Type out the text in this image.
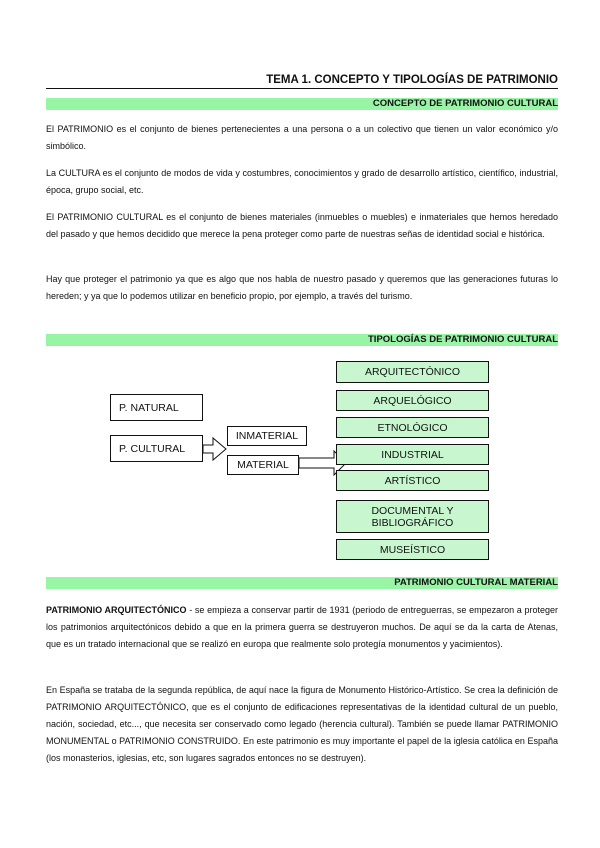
TEMA 1. CONCEPTO Y TIPOLOGÍAS DE PATRIMONIO
CONCEPTO DE PATRIMONIO CULTURAL

El PATRIMONIO es el conjunto de bienes pertenecientes a una persona o a un colectivo que tienen un valor económico y/o simbólico.

La CULTURA es el conjunto de modos de vida y costumbres, conocimientos y grado de desarrollo artístico, científico, industrial, época, grupo social, etc.

El PATRIMONIO CULTURAL es el conjunto de bienes materiales (inmuebles o muebles) e inmateriales que hemos heredado del pasado y que hemos decidido que merece la pena proteger como parte de nuestras señas de identidad social e histórica.

Hay que proteger el patrimonio ya que es algo que nos habla de nuestro pasado y queremos que las generaciones futuras lo hereden; y ya que lo podemos utilizar en beneficio propio, por ejemplo, a través del turismo.

TIPOLOGÍAS DE PATRIMONIO CULTURAL
P. NATURAL
P. CULTURAL
INMATERIAL
MATERIAL
ARQUITECTÓNICO
ARQUELÓGICO
ETNOLÓGICO
INDUSTRIAL
ARTÍSTICO
DOCUMENTAL Y BIBLIOGRÁFICO
MUSEÍSTICO
PATRIMONIO CULTURAL MATERIAL

PATRIMONIO ARQUITECTÓNICO - se empieza a conservar partir de 1931 (periodo de entreguerras, se empezaron a proteger los patrimonios arquitectónicos debido a que en la primera guerra se destruyeron muchos. De aquí se da la carta de Atenas, que es un tratado internacional que se realizó en europa que realmente solo protegía monumentos y yacimientos).

En España se trataba de la segunda república, de aquí nace la figura de Monumento Histórico-Artístico. Se crea la definición de PATRIMONIO ARQUITECTÓNICO, que es el conjunto de edificaciones representativas de la identidad cultural de un pueblo, nación, sociedad, etc..., que necesita ser conservado como legado (herencia cultural). También se puede llamar PATRIMONIO MONUMENTAL o PATRIMONIO CONSTRUIDO. En este patrimonio es muy importante el papel de la iglesia católica en España (los monasterios, iglesias, etc, son lugares sagrados entonces no se destruyen).
